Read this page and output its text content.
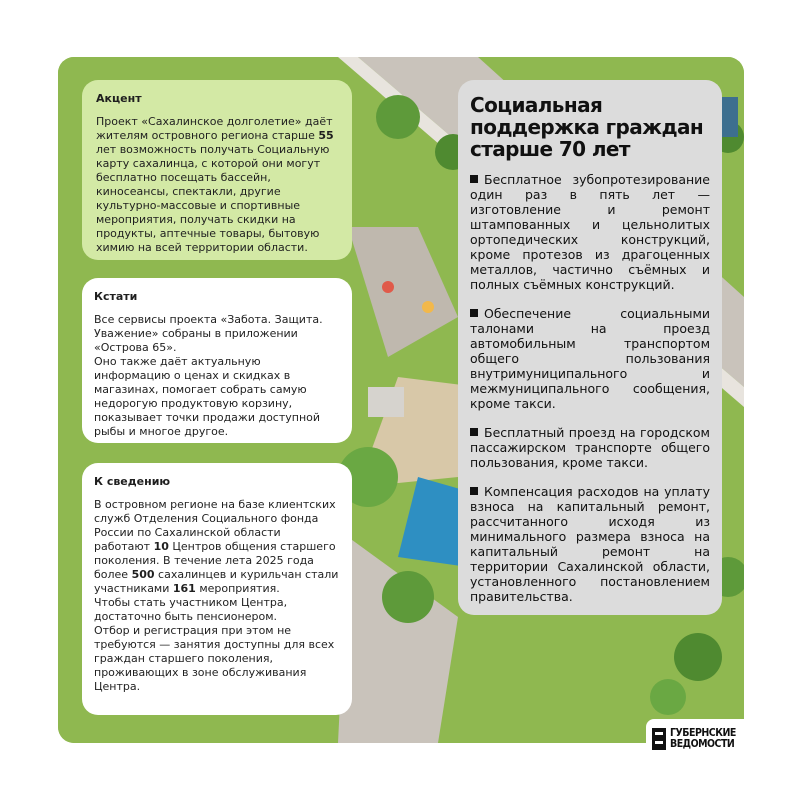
Акцент

Проект «Сахалинское долголетие» даёт жителям островного региона старше 55 лет возможность получать Социальную карту сахалинца, с которой они могут бесплатно посещать бассейн, киносеансы, спектакли, другие культурно-массовые и спортивные мероприятия, получать скидки на продукты, аптечные товары, бытовую химию на всей территории области.

Кстати

Все сервисы проекта «Забота. Защита. Уважение» собраны в приложении «Острова 65».

Оно также даёт актуальную информацию о ценах и скидках в магазинах, помогает собрать самую недорогую продуктовую корзину, показывает точки продажи доступной рыбы и многое другое.

К сведению

В островном регионе на базе клиентских служб Отделения Социального фонда России по Сахалинской области работают 10 Центров общения старшего поколения. В течение лета 2025 года более 500 сахалинцев и курильчан стали участниками 161 мероприятия.

Чтобы стать участником Центра, достаточно быть пенсионером.

Отбор и регистрация при этом не требуются — занятия доступны для всех граждан старшего поколения, проживающих в зоне обслуживания Центра.

Социальная поддержка граждан старше 70 лет

Бесплатное зубопротезирование один раз в пять лет — изготовление и ремонт штампованных и цельнолитых ортопедических конструкций, кроме протезов из драгоценных металлов, частично съёмных и полных съёмных конструкций.

Обеспечение социальными талонами на проезд автомобильным транспортом общего пользования внутримуниципального и межмуниципального сообщения, кроме такси.

Бесплатный проезд на городском пассажирском транспорте общего пользования, кроме такси.

Компенсация расходов на уплату взноса на капитальный ремонт, рассчитанного исходя из минимального размера взноса на капитальный ремонт на территории Сахалинской области, установленного постановлением правительства.

ГУБЕРНСКИЕ
ВЕДОМОСТИ
